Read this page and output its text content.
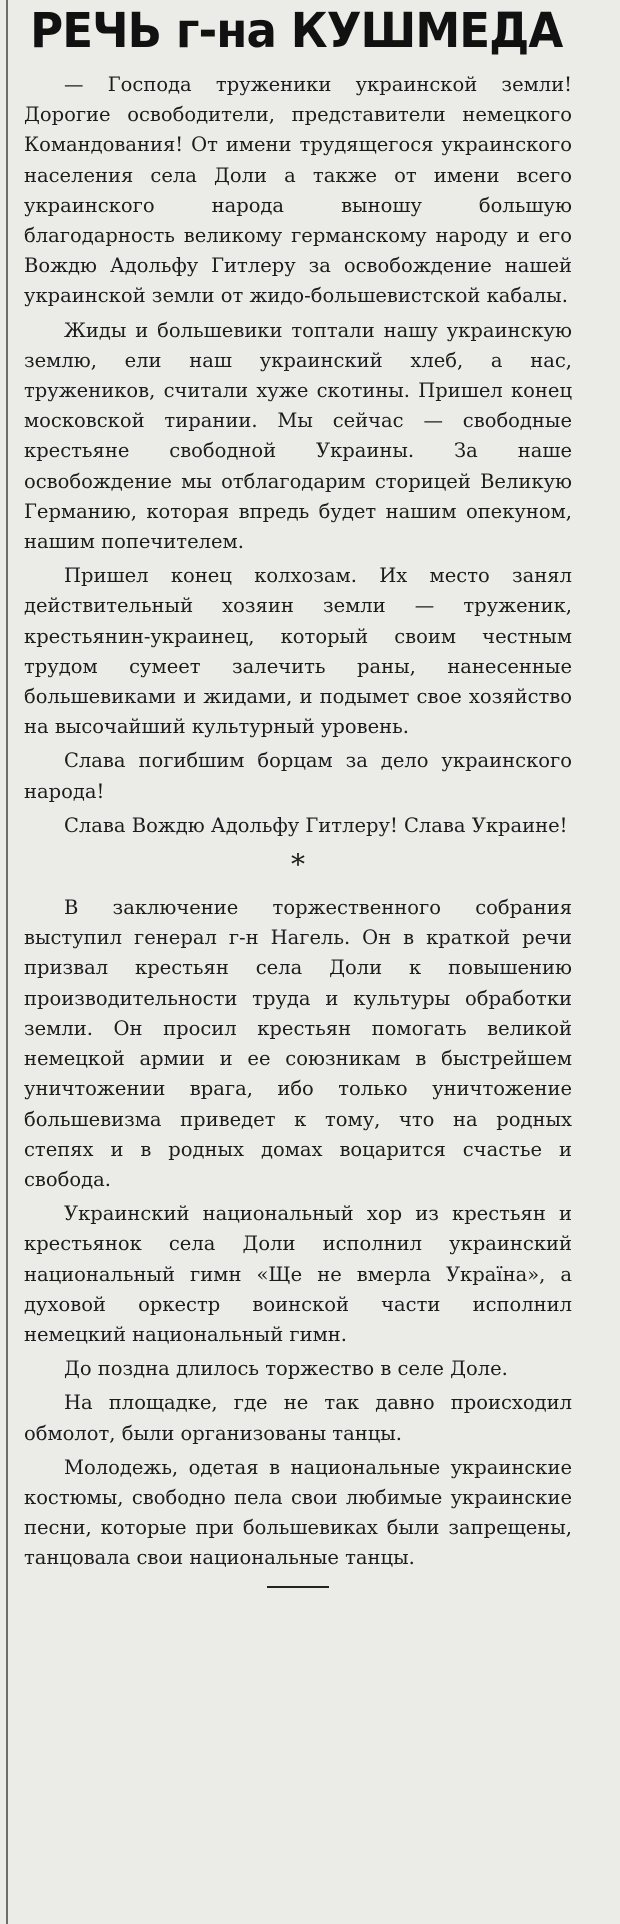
РЕЧЬ г-на КУШМЕДА

— Господа труженики украинской земли! Дорогие освободители, представители немецкого Командования! От имени трудящегося украинского населения села Доли а также от имени всего украинского народа выношу большую благодарность великому германскому народу и его Вождю Адольфу Гитлеру за освобождение нашей украинской земли от жидо-большевистской кабалы.

Жиды и большевики топтали нашу украинскую землю, ели наш украинский хлеб, а нас, тружеников, считали хуже скотины. Пришел конец московской тирании. Мы сейчас — свободные крестьяне свободной Украины. За наше освобождение мы отблагодарим сторицей Великую Германию, которая впредь будет нашим опекуном, нашим попечителем.

Пришел конец колхозам. Их место занял действительный хозяин земли — труженик, крестьянин-украинец, который своим честным трудом сумеет залечить раны, нанесенные большевиками и жидами, и подымет свое хозяйство на высочайший культурный уровень.

Слава погибшим борцам за дело украинского народа!

Слава Вождю Адольфу Гитлеру! Слава Украине!

*

В заключение торжественного собрания выступил генерал г-н Нагель. Он в краткой речи призвал крестьян села Доли к повышению производительности труда и культуры обработки земли. Он просил крестьян помогать великой немецкой армии и ее союзникам в быстрейшем уничтожении врага, ибо только уничтожение большевизма приведет к тому, что на родных степях и в родных домах воцарится счастье и свобода.

Украинский национальный хор из крестьян и крестьянок села Доли исполнил украинский национальный гимн «Ще не вмерла Украïна», а духовой оркестр воинской части исполнил немецкий национальный гимн.

До поздна длилось торжество в селе Доле.

На площадке, где не так давно происходил обмолот, были организованы танцы.

Молодежь, одетая в национальные украинские костюмы, свободно пела свои любимые украинские песни, которые при большевиках были запрещены, танцовала свои национальные танцы.
